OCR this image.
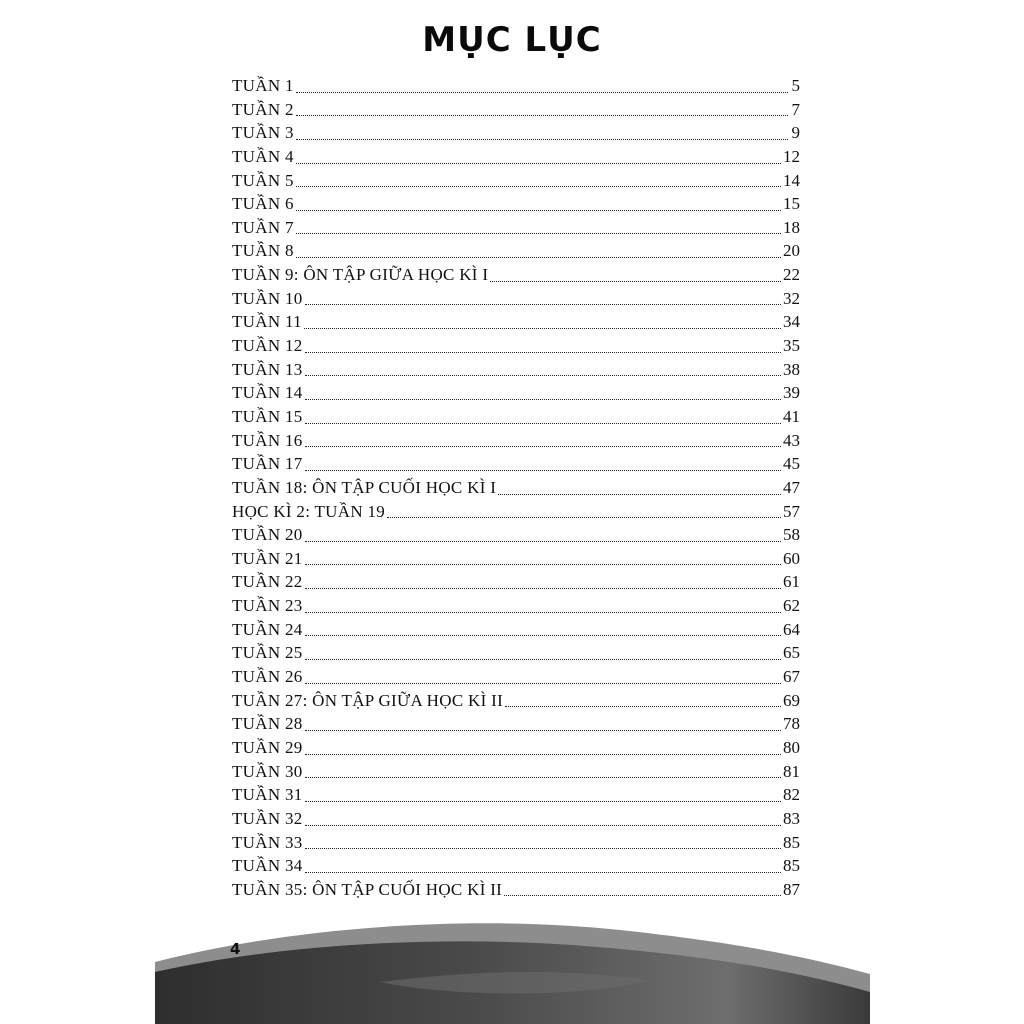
MỤC LỤC
TUẦN 1	5
TUẦN 2	7
TUẦN 3	9
TUẦN 4	12
TUẦN 5	14
TUẦN 6	15
TUẦN 7	18
TUẦN 8	20
TUẦN 9: ÔN TẬP GIỮA HỌC KÌ I	22
TUẦN 10	32
TUẦN 11	34
TUẦN 12	35
TUẦN 13	38
TUẦN 14	39
TUẦN 15	41
TUẦN 16	43
TUẦN 17	45
TUẦN 18: ÔN TẬP CUỐI HỌC KÌ I	47
HỌC KÌ 2: TUẦN 19	57
TUẦN 20	58
TUẦN 21	60
TUẦN 22	61
TUẦN 23	62
TUẦN 24	64
TUẦN 25	65
TUẦN 26	67
TUẦN 27: ÔN TẬP GIỮA HỌC KÌ II	69
TUẦN 28	78
TUẦN 29	80
TUẦN 30	81
TUẦN 31	82
TUẦN 32	83
TUẦN 33	85
TUẦN 34	85
TUẦN 35: ÔN TẬP CUỐI HỌC KÌ II	87
4
